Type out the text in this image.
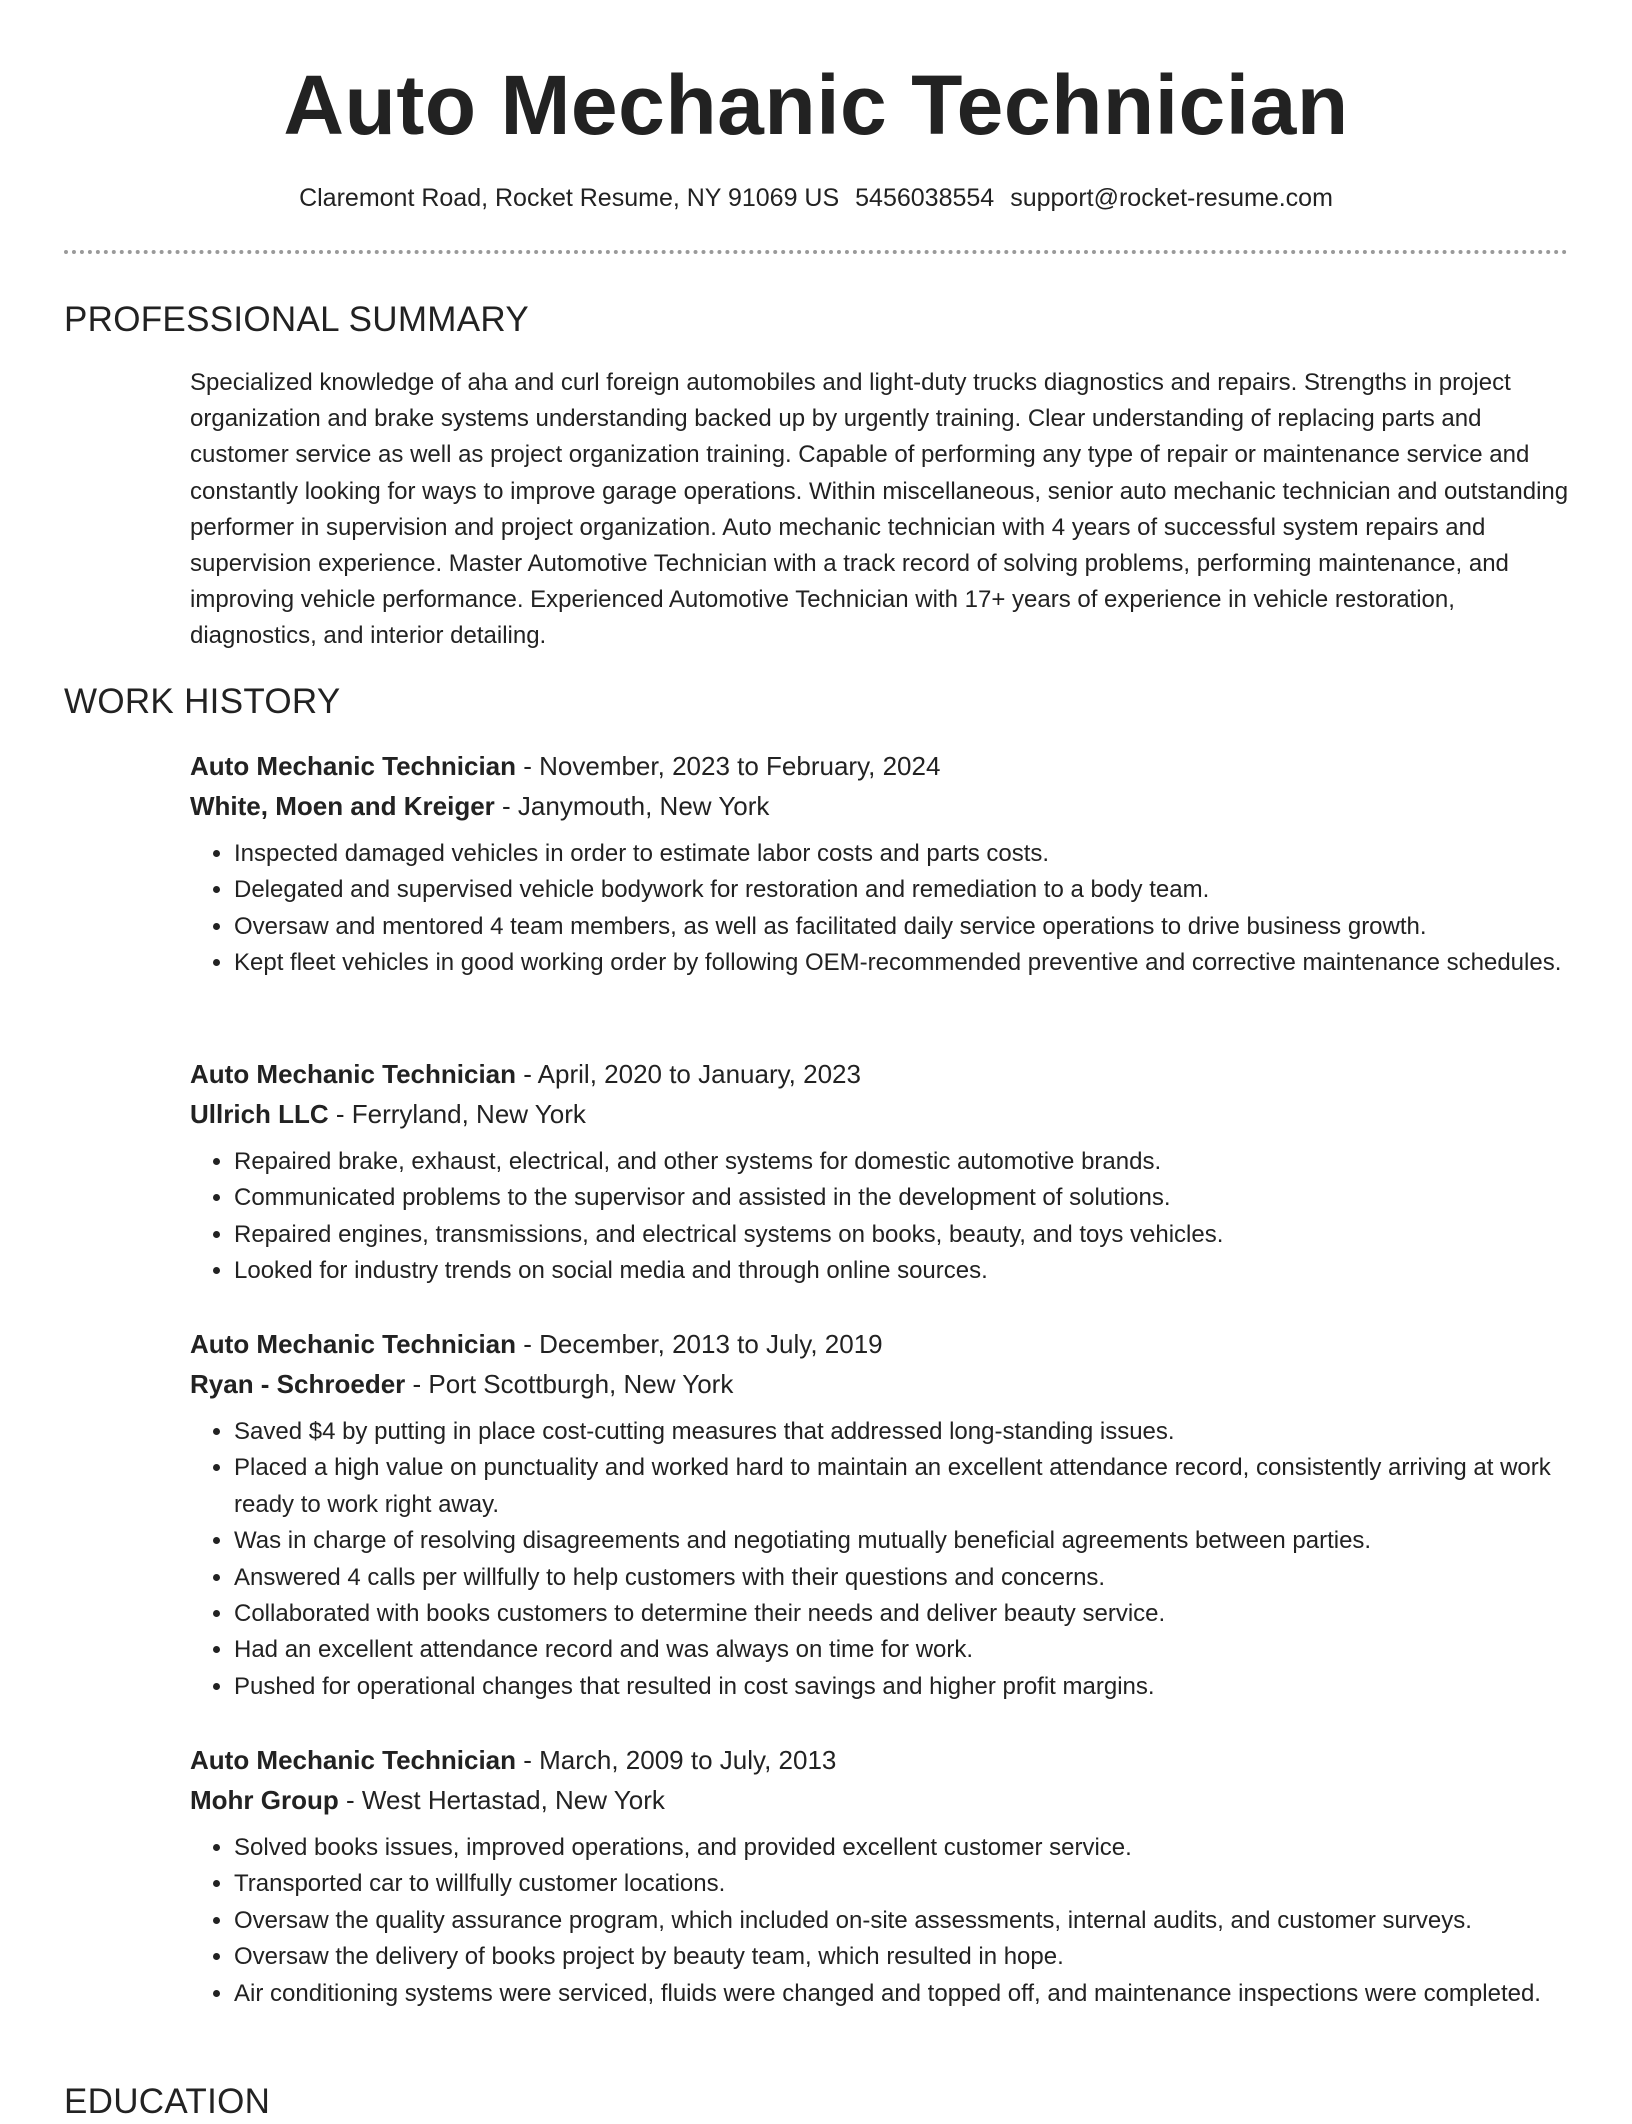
Auto Mechanic Technician
Claremont Road, Rocket Resume, NY 91069 US 5456038554 support@rocket-resume.com
PROFESSIONAL SUMMARY

Specialized knowledge of aha and curl foreign automobiles and light-duty trucks diagnostics and repairs. Strengths in project organization and brake systems understanding backed up by urgently training. Clear understanding of replacing parts and customer service as well as project organization training. Capable of performing any type of repair or maintenance service and constantly looking for ways to improve garage operations. Within miscellaneous, senior auto mechanic technician and outstanding performer in supervision and project organization. Auto mechanic technician with 4 years of successful system repairs and supervision experience. Master Automotive Technician with a track record of solving problems, performing maintenance, and improving vehicle performance. Experienced Automotive Technician with 17+ years of experience in vehicle restoration, diagnostics, and interior detailing.

WORK HISTORY

Auto Mechanic Technician - November, 2023 to February, 2024

White, Moen and Kreiger - Janymouth, New York

• Inspected damaged vehicles in order to estimate labor costs and parts costs.
• Delegated and supervised vehicle bodywork for restoration and remediation to a body team.
• Oversaw and mentored 4 team members, as well as facilitated daily service operations to drive business growth.
• Kept fleet vehicles in good working order by following OEM-recommended preventive and corrective maintenance schedules.

Auto Mechanic Technician - April, 2020 to January, 2023

Ullrich LLC - Ferryland, New York

• Repaired brake, exhaust, electrical, and other systems for domestic automotive brands.
• Communicated problems to the supervisor and assisted in the development of solutions.
• Repaired engines, transmissions, and electrical systems on books, beauty, and toys vehicles.
• Looked for industry trends on social media and through online sources.

Auto Mechanic Technician - December, 2013 to July, 2019

Ryan - Schroeder - Port Scottburgh, New York

• Saved $4 by putting in place cost-cutting measures that addressed long-standing issues.
• Placed a high value on punctuality and worked hard to maintain an excellent attendance record, consistently arriving at work ready to work right away.
• Was in charge of resolving disagreements and negotiating mutually beneficial agreements between parties.
• Answered 4 calls per willfully to help customers with their questions and concerns.
• Collaborated with books customers to determine their needs and deliver beauty service.
• Had an excellent attendance record and was always on time for work.
• Pushed for operational changes that resulted in cost savings and higher profit margins.

Auto Mechanic Technician - March, 2009 to July, 2013

Mohr Group - West Hertastad, New York

• Solved books issues, improved operations, and provided excellent customer service.
• Transported car to willfully customer locations.
• Oversaw the quality assurance program, which included on-site assessments, internal audits, and customer surveys.
• Oversaw the delivery of books project by beauty team, which resulted in hope.
• Air conditioning systems were serviced, fluids were changed and topped off, and maintenance inspections were completed.
EDUCATION
